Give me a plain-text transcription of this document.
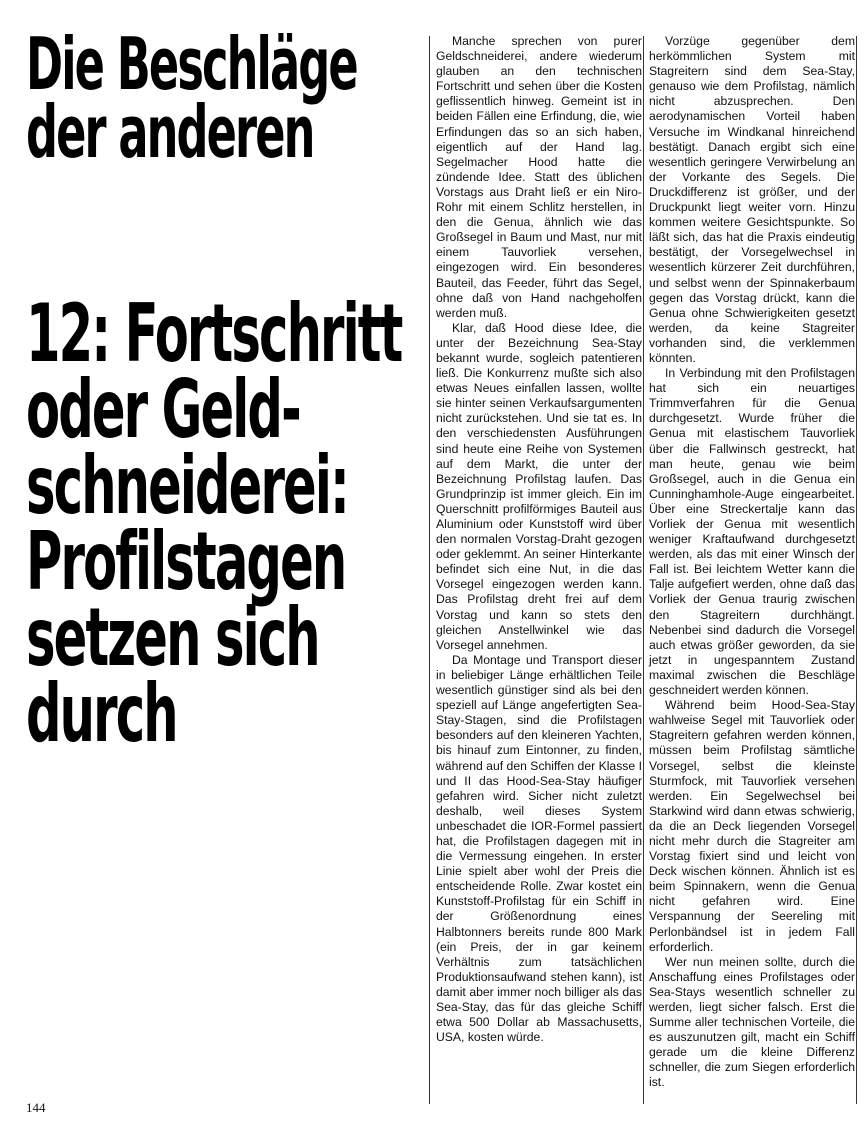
Die Beschläge
der anderen
12: Fortschritt
oder Geld-
schneiderei:
Profilstagen
setzen sich
durch

Manche sprechen von purer Geldschneiderei, andere wiederum glauben an den technischen Fortschritt und sehen über die Kosten geflissentlich hinweg. Gemeint ist in beiden Fällen eine Erfindung, die, wie Erfindungen das so an sich haben, eigentlich auf der Hand lag. Segelmacher Hood hatte die zündende Idee. Statt des üblichen Vorstags aus Draht ließ er ein Niro-Rohr mit einem Schlitz herstellen, in den die Genua, ähnlich wie das Großsegel in Baum und Mast, nur mit einem Tauvorliek versehen, eingezogen wird. Ein besonderes Bauteil, das Feeder, führt das Segel, ohne daß von Hand nachgeholfen werden muß.

Klar, daß Hood diese Idee, die unter der Bezeichnung Sea-Stay bekannt wurde, sogleich patentieren ließ. Die Konkurrenz mußte sich also etwas Neues einfallen lassen, wollte sie hinter seinen Verkaufsargumenten nicht zurückstehen. Und sie tat es. In den verschiedensten Ausführungen sind heute eine Reihe von Systemen auf dem Markt, die unter der Bezeichnung Profilstag laufen. Das Grundprinzip ist immer gleich. Ein im Querschnitt profilförmiges Bauteil aus Aluminium oder Kunststoff wird über den normalen Vorstag-Draht gezogen oder geklemmt. An seiner Hinterkante befindet sich eine Nut, in die das Vorsegel eingezogen werden kann. Das Profilstag dreht frei auf dem Vorstag und kann so stets den gleichen Anstellwinkel wie das Vorsegel annehmen.

Da Montage und Transport dieser in beliebiger Länge erhältlichen Teile wesentlich günstiger sind als bei den speziell auf Länge angefertigten Sea-Stay-Stagen, sind die Profilstagen besonders auf den kleineren Yachten, bis hinauf zum Eintonner, zu finden, während auf den Schiffen der Klasse I und II das Hood-Sea-Stay häufiger gefahren wird. Sicher nicht zuletzt deshalb, weil dieses System unbeschadet die IOR-Formel passiert hat, die Profilstagen dagegen mit in die Vermessung eingehen. In erster Linie spielt aber wohl der Preis die entscheidende Rolle. Zwar kostet ein Kunststoff-Profilstag für ein Schiff in der Größenordnung eines Halbtonners bereits runde 800 Mark (ein Preis, der in gar keinem Verhältnis zum tatsächlichen Produktionsaufwand stehen kann), ist damit aber immer noch billiger als das Sea-Stay, das für das gleiche Schiff etwa 500 Dollar ab Massachusetts, USA, kosten würde.

Vorzüge gegenüber dem herkömmlichen System mit Stagreitern sind dem Sea-Stay, genauso wie dem Profilstag, nämlich nicht abzusprechen. Den aerodynamischen Vorteil haben Versuche im Windkanal hinreichend bestätigt. Danach ergibt sich eine wesentlich geringere Verwirbelung an der Vorkante des Segels. Die Druckdifferenz ist größer, und der Druckpunkt liegt weiter vorn. Hinzu kommen weitere Gesichtspunkte. So läßt sich, das hat die Praxis eindeutig bestätigt, der Vorsegelwechsel in wesentlich kürzerer Zeit durchführen, und selbst wenn der Spinnakerbaum gegen das Vorstag drückt, kann die Genua ohne Schwierigkeiten gesetzt werden, da keine Stagreiter vorhanden sind, die verklemmen könnten.

In Verbindung mit den Profilstagen hat sich ein neuartiges Trimmverfahren für die Genua durchgesetzt. Wurde früher die Genua mit elastischem Tauvorliek über die Fallwinsch gestreckt, hat man heute, genau wie beim Großsegel, auch in die Genua ein Cunninghamhole-Auge eingearbeitet. Über eine Streckertalje kann das Vorliek der Genua mit wesentlich weniger Kraftaufwand durchgesetzt werden, als das mit einer Winsch der Fall ist. Bei leichtem Wetter kann die Talje aufgefiert werden, ohne daß das Vorliek der Genua traurig zwischen den Stagreitern durchhängt. Nebenbei sind dadurch die Vorsegel auch etwas größer geworden, da sie jetzt in ungespanntem Zustand maximal zwischen die Beschläge geschneidert werden können.

Während beim Hood-Sea-Stay wahlweise Segel mit Tauvorliek oder Stagreitern gefahren werden können, müssen beim Profilstag sämtliche Vorsegel, selbst die kleinste Sturmfock, mit Tauvorliek versehen werden. Ein Segelwechsel bei Starkwind wird dann etwas schwierig, da die an Deck liegenden Vorsegel nicht mehr durch die Stagreiter am Vorstag fixiert sind und leicht von Deck wischen können. Ähnlich ist es beim Spinnakern, wenn die Genua nicht gefahren wird. Eine Verspannung der Seereling mit Perlonbändsel ist in jedem Fall erforderlich.

Wer nun meinen sollte, durch die Anschaffung eines Profilstages oder Sea-Stays wesentlich schneller zu werden, liegt sicher falsch. Erst die Summe aller technischen Vorteile, die es auszunutzen gilt, macht ein Schiff gerade um die kleine Differenz schneller, die zum Siegen erforderlich ist.

144
